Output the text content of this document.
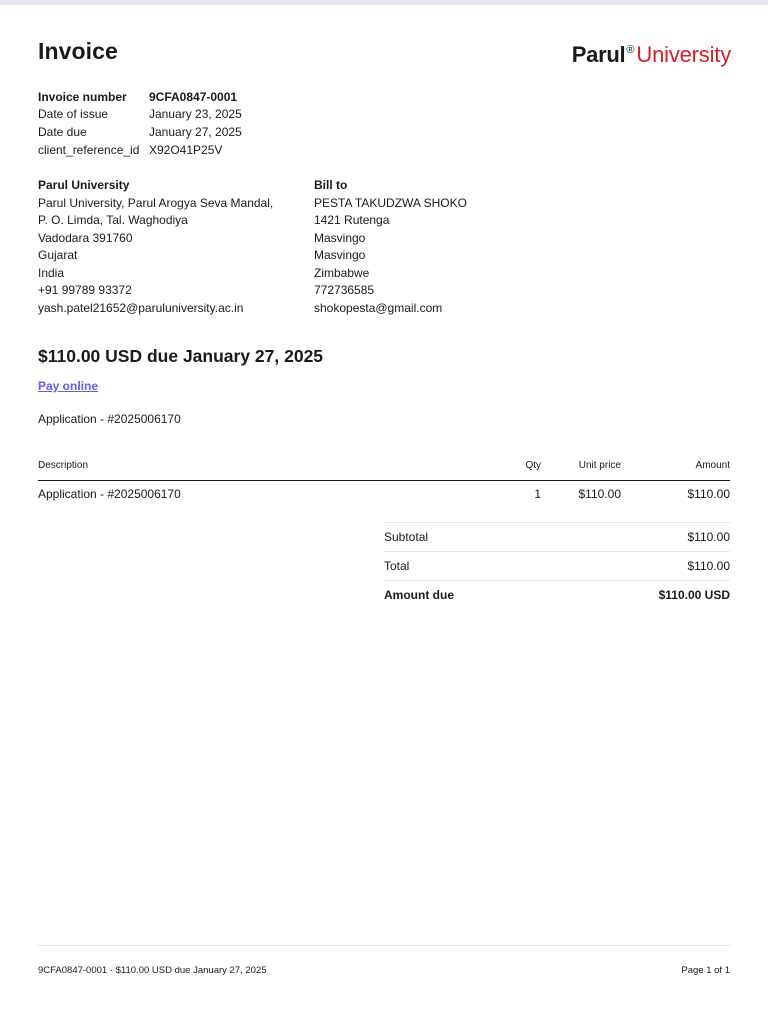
Invoice	Parul®University
Invoice number	9CFA0847-0001
Date of issue	January 23, 2025
Date due	January 27, 2025
client_reference_id X92O41P25V
Parul University
Parul University, Parul Arogya Seva Mandal,
P. O. Limda, Tal. Waghodiya
Vadodara 391760
Gujarat
India
+91 99789 93372
yash.patel21652@paruluniversity.ac.in
Bill to
PESTA TAKUDZWA SHOKO
1421 Rutenga
Masvingo
Masvingo
Zimbabwe
772736585
shokopesta@gmail.com
$110.00 USD due January 27, 2025
Pay online
Application - #2025006170
Description	Qty	Unit price	Amount
Application - #2025006170	1	$110.00	$110.00
Subtotal	$110.00
Total	$110.00
Amount due	$110.00 USD
9CFA0847-0001 · $110.00 USD due January 27, 2025	Page 1 of 1
